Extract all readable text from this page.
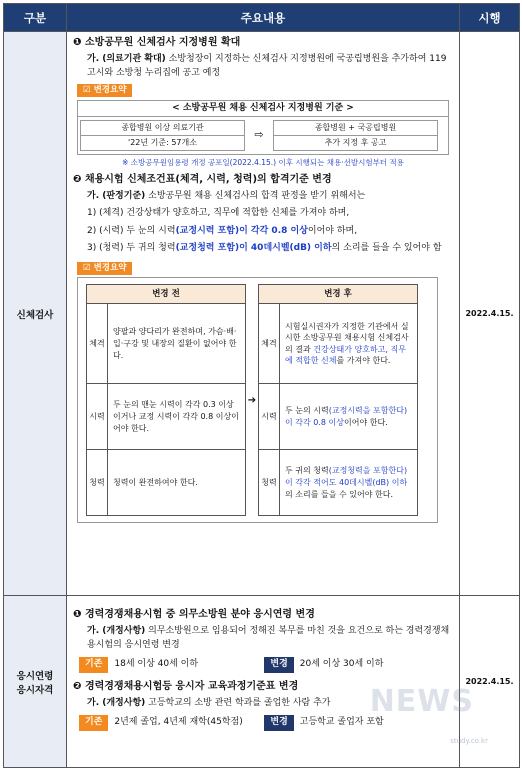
구분	주요내용	시행
신체검사	
❶ 소방공무원 신체검사 지정병원 확대
가. (의료기관 확대) 소방청장이 지정하는 신체검사 지정병원에 국공립병원을 추가하여 119고시와 소방청 누리집에 공고 예정
☑ 변경요약
< 소방공무원 채용 신체검사 지정병원 기준 >
종합병원 이상 의료기관
'22년 기준: 57개소
⇨
종합병원 + 국공립병원
추가 지정 후 공고
※ 소방공무원임용령 개정 공포일(2022.4.15.) 이후 시행되는 채용·선발시험부터 적용
❷ 채용시험 신체조건표(체격, 시력, 청력)의 합격기준 변경
가. (판정기준) 소방공무원 채용 신체검사의 합격 판정을 받기 위해서는
1) (체격) 건강상태가 양호하고, 직무에 적합한 신체를 가져야 하며,
2) (시력) 두 눈의 시력(교정시력 포함)이 각각 0.8 이상이어야 하며,
3) (청력) 두 귀의 청력(교정청력 포함)이 40데시벨(dB) 이하의 소리를 들을 수 있어야 함
☑ 변경요약
변경 전
체격	양팔과 양다리가 완전하며, 가슴·배·입·구강 및 내장의 질환이 없어야 한다.
시력	두 눈의 맨눈 시력이 각각 0.3 이상이거나 교정 시력이 각각 0.8 이상이어야 한다.
청력	청력이 완전하여야 한다.
➔
변경 후
체격	시험실시권자가 지정한 기관에서 실시한 소방공무원 채용시험 신체검사의 결과 건강상태가 양호하고, 직무에 적합한 신체를 가져야 한다.
시력	두 눈의 시력(교정시력을 포함한다)이 각각 0.8 이상이어야 한다.
청력	두 귀의 청력(교정청력을 포함한다)이 각각 적어도 40데시벨(dB) 이하의 소리를 들을 수 있어야 한다.
	2022.4.15.

응시연령
응시자격

❶ 경력경쟁채용시험 중 의무소방원 분야 응시연령 변경
가. (개정사항) 의무소방원으로 임용되어 정해진 복무를 마친 것을 요건으로 하는 경력경쟁채용시험의 응시연령 변경
기존	18세 이상 40세 이하	변경	20세 이상 30세 이하
❷ 경력경쟁채용시험등 응시자 교육과정기준표 변경
가. (개정사항) 고등학교의 소방 관련 학과를 졸업한 사람 추가
기존	2년제 졸업, 4년제 재학(45학점)	변경	고등학교 졸업자 포함
	2022.4.15.
NEWS
study.co.kr
